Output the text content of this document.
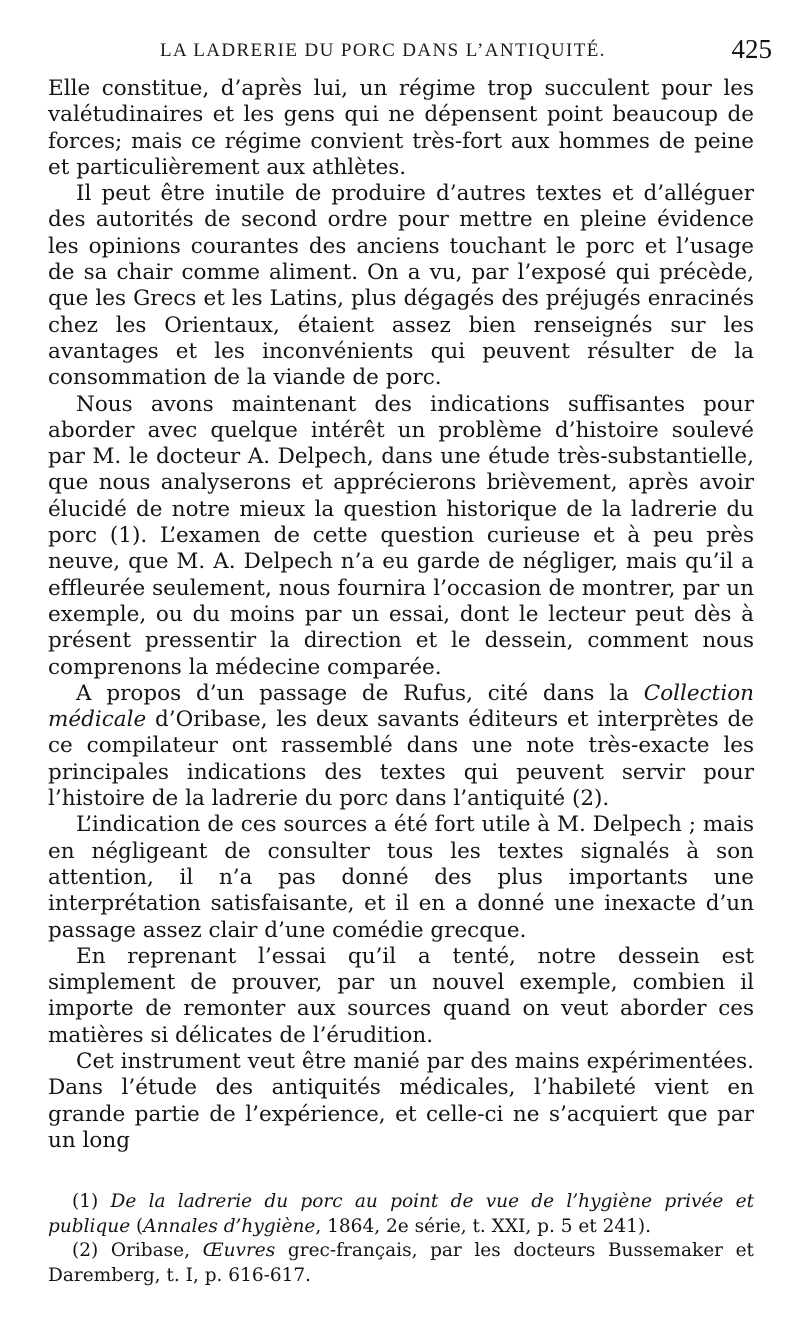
LA LADRERIE DU PORC DANS L’ANTIQUITÉ.	425

Elle constitue, d’après lui, un régime trop succulent pour les valétudinaires et les gens qui ne dépensent point beaucoup de forces; mais ce régime convient très-fort aux hommes de peine et particulièrement aux athlètes.

Il peut être inutile de produire d’autres textes et d’alléguer des autorités de second ordre pour mettre en pleine évidence les opinions courantes des anciens touchant le porc et l’usage de sa chair comme aliment. On a vu, par l’exposé qui précède, que les Grecs et les Latins, plus dégagés des préjugés enracinés chez les Orientaux, étaient assez bien renseignés sur les avantages et les inconvénients qui peuvent résulter de la consommation de la viande de porc.

Nous avons maintenant des indications suffisantes pour aborder avec quelque intérêt un problème d’histoire soulevé par M. le docteur A. Delpech, dans une étude très-substantielle, que nous analyserons et apprécierons brièvement, après avoir élucidé de notre mieux la question historique de la ladrerie du porc (1). L’examen de cette question curieuse et à peu près neuve, que M. A. Delpech n’a eu garde de négliger, mais qu’il a effleurée seulement, nous fournira l’occasion de montrer, par un exemple, ou du moins par un essai, dont le lecteur peut dès à présent pressentir la direction et le dessein, comment nous comprenons la médecine comparée.

A propos d’un passage de Rufus, cité dans la Collection médicale d’Oribase, les deux savants éditeurs et interprètes de ce compilateur ont rassemblé dans une note très-exacte les principales indications des textes qui peuvent servir pour l’histoire de la ladrerie du porc dans l’antiquité (2).

L’indication de ces sources a été fort utile à M. Delpech ; mais en négligeant de consulter tous les textes signalés à son attention, il n’a pas donné des plus importants une interprétation satisfaisante, et il en a donné une inexacte d’un passage assez clair d’une comédie grecque.

En reprenant l’essai qu’il a tenté, notre dessein est simplement de prouver, par un nouvel exemple, combien il importe de remonter aux sources quand on veut aborder ces matières si délicates de l’érudition.

Cet instrument veut être manié par des mains expérimentées. Dans l’étude des antiquités médicales, l’habileté vient en grande partie de l’expérience, et celle-ci ne s’acquiert que par un long

(1) De la ladrerie du porc au point de vue de l’hygiène privée et publique (Annales d’hygiène, 1864, 2e série, t. XXI, p. 5 et 241).

(2) Oribase, Œuvres grec-français, par les docteurs Bussemaker et Daremberg, t. I, p. 616-617.
